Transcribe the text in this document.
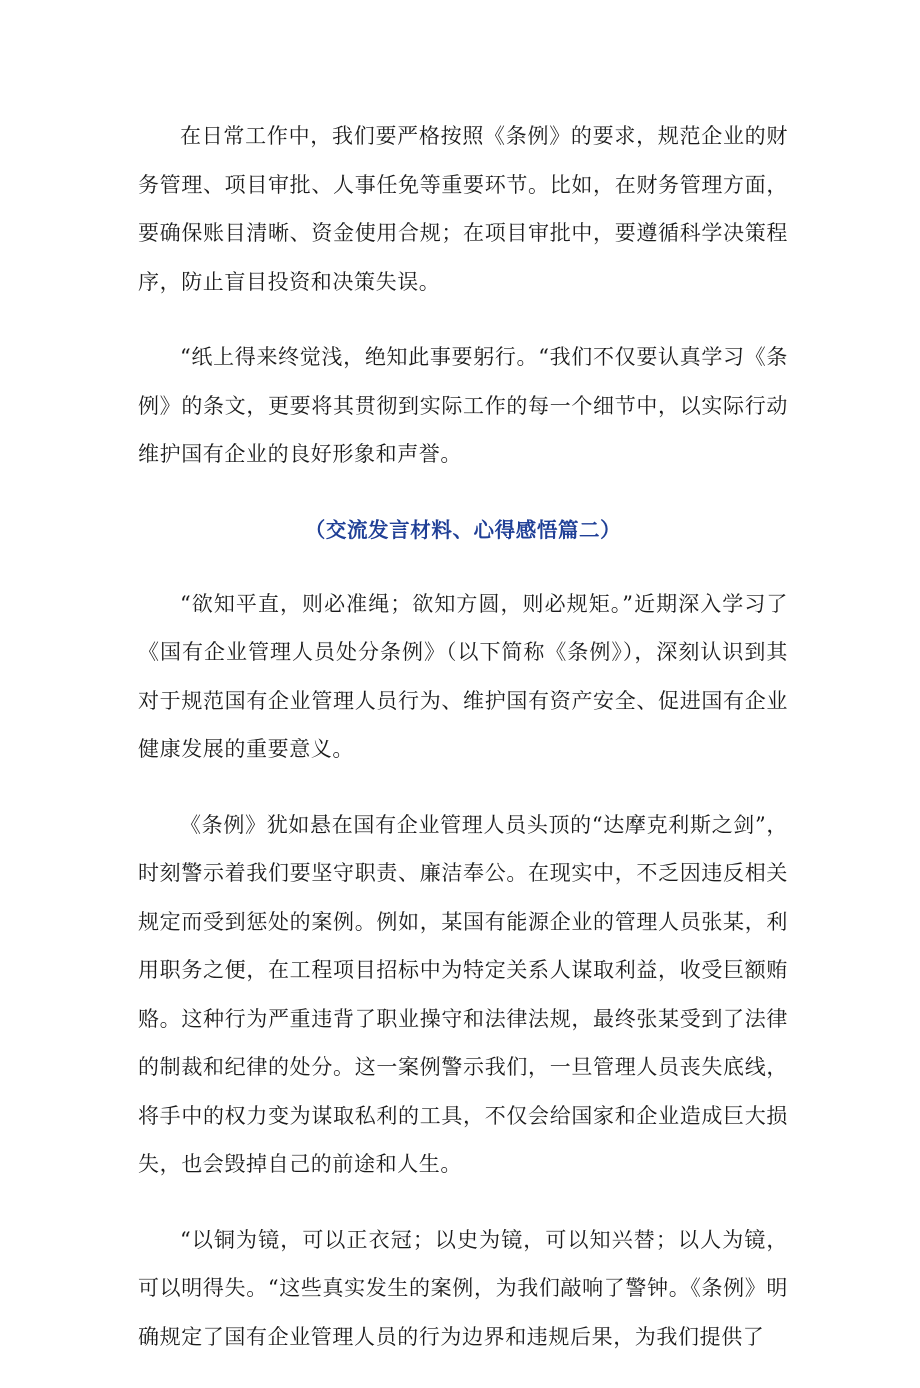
在日常工作中，我们要严格按照《条例》的要求，规范企业的财务管理、项目审批、人事任免等重要环节。比如，在财务管理方面，要确保账目清晰、资金使用合规；在项目审批中，要遵循科学决策程序，防止盲目投资和决策失误。

“纸上得来终觉浅，绝知此事要躬行。“我们不仅要认真学习《条例》的条文，更要将其贯彻到实际工作的每一个细节中，以实际行动维护国有企业的良好形象和声誉。

（交流发言材料、心得感悟篇二）

“欲知平直，则必准绳；欲知方圆，则必规矩。”近期深入学习了《国有企业管理人员处分条例》（以下简称《条例》），深刻认识到其对于规范国有企业管理人员行为、维护国有资产安全、促进国有企业健康发展的重要意义。

《条例》犹如悬在国有企业管理人员头顶的“达摩克利斯之剑”，时刻警示着我们要坚守职责、廉洁奉公。在现实中，不乏因违反相关规定而受到惩处的案例。例如，某国有能源企业的管理人员张某，利用职务之便，在工程项目招标中为特定关系人谋取利益，收受巨额贿赂。这种行为严重违背了职业操守和法律法规，最终张某受到了法律的制裁和纪律的处分。这一案例警示我们，一旦管理人员丧失底线，将手中的权力变为谋取私利的工具，不仅会给国家和企业造成巨大损失，也会毁掉自己的前途和人生。

“以铜为镜，可以正衣冠；以史为镜，可以知兴替；以人为镜，可以明得失。“这些真实发生的案例，为我们敲响了警钟。《条例》明确规定了国有企业管理人员的行为边界和违规后果，为我们提供了
